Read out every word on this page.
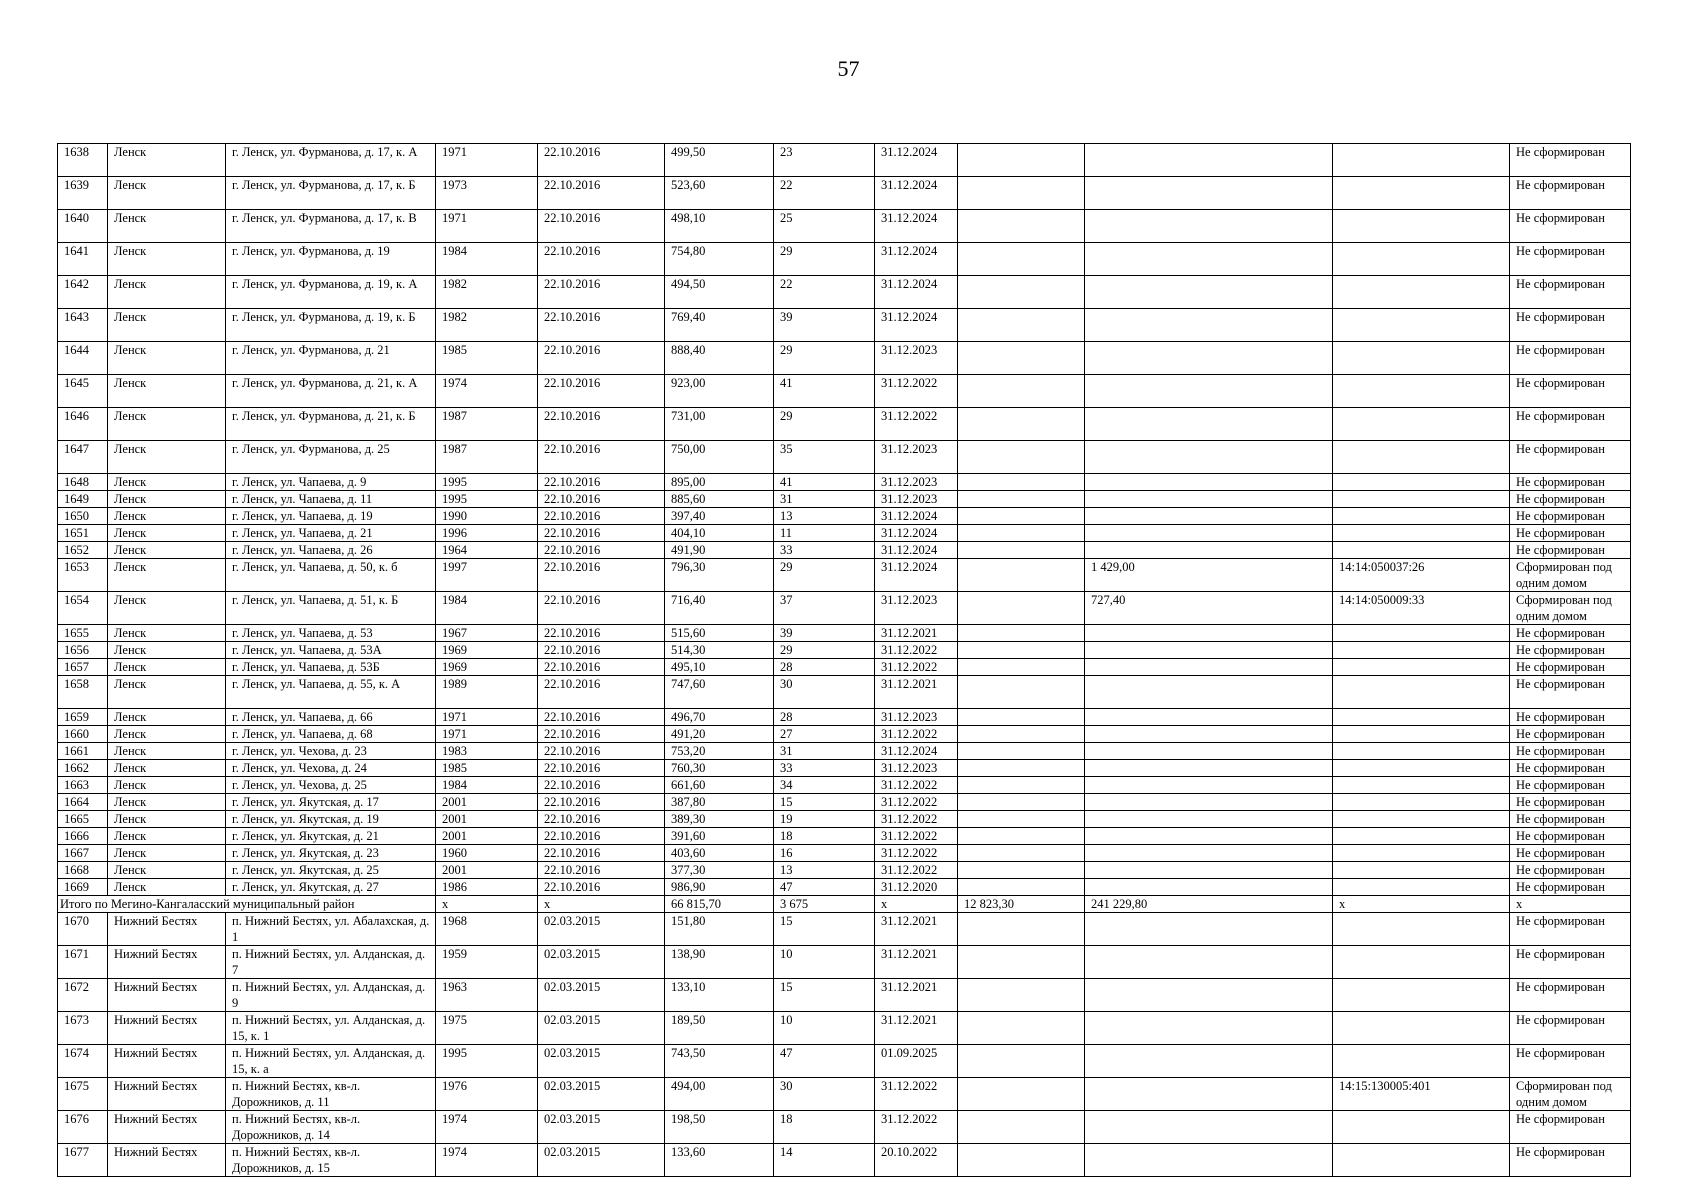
57
1638	Ленск	г. Ленск, ул. Фурманова, д. 17, к. А	1971	22.10.2016	499,50	23	31.12.2024				Не сформирован
1639	Ленск	г. Ленск, ул. Фурманова, д. 17, к. Б	1973	22.10.2016	523,60	22	31.12.2024				Не сформирован
1640	Ленск	г. Ленск, ул. Фурманова, д. 17, к. В	1971	22.10.2016	498,10	25	31.12.2024				Не сформирован
1641	Ленск	г. Ленск, ул. Фурманова, д. 19	1984	22.10.2016	754,80	29	31.12.2024				Не сформирован
1642	Ленск	г. Ленск, ул. Фурманова, д. 19, к. А	1982	22.10.2016	494,50	22	31.12.2024				Не сформирован
1643	Ленск	г. Ленск, ул. Фурманова, д. 19, к. Б	1982	22.10.2016	769,40	39	31.12.2024				Не сформирован
1644	Ленск	г. Ленск, ул. Фурманова, д. 21	1985	22.10.2016	888,40	29	31.12.2023				Не сформирован
1645	Ленск	г. Ленск, ул. Фурманова, д. 21, к. А	1974	22.10.2016	923,00	41	31.12.2022				Не сформирован
1646	Ленск	г. Ленск, ул. Фурманова, д. 21, к. Б	1987	22.10.2016	731,00	29	31.12.2022				Не сформирован
1647	Ленск	г. Ленск, ул. Фурманова, д. 25	1987	22.10.2016	750,00	35	31.12.2023				Не сформирован
1648	Ленск	г. Ленск, ул. Чапаева, д. 9	1995	22.10.2016	895,00	41	31.12.2023				Не сформирован
1649	Ленск	г. Ленск, ул. Чапаева, д. 11	1995	22.10.2016	885,60	31	31.12.2023				Не сформирован
1650	Ленск	г. Ленск, ул. Чапаева, д. 19	1990	22.10.2016	397,40	13	31.12.2024				Не сформирован
1651	Ленск	г. Ленск, ул. Чапаева, д. 21	1996	22.10.2016	404,10	11	31.12.2024				Не сформирован
1652	Ленск	г. Ленск, ул. Чапаева, д. 26	1964	22.10.2016	491,90	33	31.12.2024				Не сформирован
1653	Ленск	г. Ленск, ул. Чапаева, д. 50, к. б	1997	22.10.2016	796,30	29	31.12.2024		1 429,00	14:14:050037:26	Сформирован под одним домом
1654	Ленск	г. Ленск, ул. Чапаева, д. 51, к. Б	1984	22.10.2016	716,40	37	31.12.2023		727,40	14:14:050009:33	Сформирован под одним домом
1655	Ленск	г. Ленск, ул. Чапаева, д. 53	1967	22.10.2016	515,60	39	31.12.2021				Не сформирован
1656	Ленск	г. Ленск, ул. Чапаева, д. 53А	1969	22.10.2016	514,30	29	31.12.2022				Не сформирован
1657	Ленск	г. Ленск, ул. Чапаева, д. 53Б	1969	22.10.2016	495,10	28	31.12.2022				Не сформирован
1658	Ленск	г. Ленск, ул. Чапаева, д. 55, к. А	1989	22.10.2016	747,60	30	31.12.2021				Не сформирован
1659	Ленск	г. Ленск, ул. Чапаева, д. 66	1971	22.10.2016	496,70	28	31.12.2023				Не сформирован
1660	Ленск	г. Ленск, ул. Чапаева, д. 68	1971	22.10.2016	491,20	27	31.12.2022				Не сформирован
1661	Ленск	г. Ленск, ул. Чехова, д. 23	1983	22.10.2016	753,20	31	31.12.2024				Не сформирован
1662	Ленск	г. Ленск, ул. Чехова, д. 24	1985	22.10.2016	760,30	33	31.12.2023				Не сформирован
1663	Ленск	г. Ленск, ул. Чехова, д. 25	1984	22.10.2016	661,60	34	31.12.2022				Не сформирован
1664	Ленск	г. Ленск, ул. Якутская, д. 17	2001	22.10.2016	387,80	15	31.12.2022				Не сформирован
1665	Ленск	г. Ленск, ул. Якутская, д. 19	2001	22.10.2016	389,30	19	31.12.2022				Не сформирован
1666	Ленск	г. Ленск, ул. Якутская, д. 21	2001	22.10.2016	391,60	18	31.12.2022				Не сформирован
1667	Ленск	г. Ленск, ул. Якутская, д. 23	1960	22.10.2016	403,60	16	31.12.2022				Не сформирован
1668	Ленск	г. Ленск, ул. Якутская, д. 25	2001	22.10.2016	377,30	13	31.12.2022				Не сформирован
1669	Ленск	г. Ленск, ул. Якутская, д. 27	1986	22.10.2016	986,90	47	31.12.2020				Не сформирован
Итого по Мегино-Кангаласский муниципальный район			x	x	66 815,70	3 675	x	12 823,30	241 229,80	x	x
1670	Нижний Бестях	п. Нижний Бестях, ул. Абалахская, д. 1	1968	02.03.2015	151,80	15	31.12.2021				Не сформирован
1671	Нижний Бестях	п. Нижний Бестях, ул. Алданская, д. 7	1959	02.03.2015	138,90	10	31.12.2021				Не сформирован
1672	Нижний Бестях	п. Нижний Бестях, ул. Алданская, д. 9	1963	02.03.2015	133,10	15	31.12.2021				Не сформирован
1673	Нижний Бестях	п. Нижний Бестях, ул. Алданская, д. 15, к. 1	1975	02.03.2015	189,50	10	31.12.2021				Не сформирован
1674	Нижний Бестях	п. Нижний Бестях, ул. Алданская, д. 15, к. а	1995	02.03.2015	743,50	47	01.09.2025				Не сформирован
1675	Нижний Бестях	п. Нижний Бестях, кв-л. Дорожников, д. 11	1976	02.03.2015	494,00	30	31.12.2022			14:15:130005:401	Сформирован под одним домом
1676	Нижний Бестях	п. Нижний Бестях, кв-л. Дорожников, д. 14	1974	02.03.2015	198,50	18	31.12.2022				Не сформирован
1677	Нижний Бестях	п. Нижний Бестях, кв-л. Дорожников, д. 15	1974	02.03.2015	133,60	14	20.10.2022				Не сформирован
